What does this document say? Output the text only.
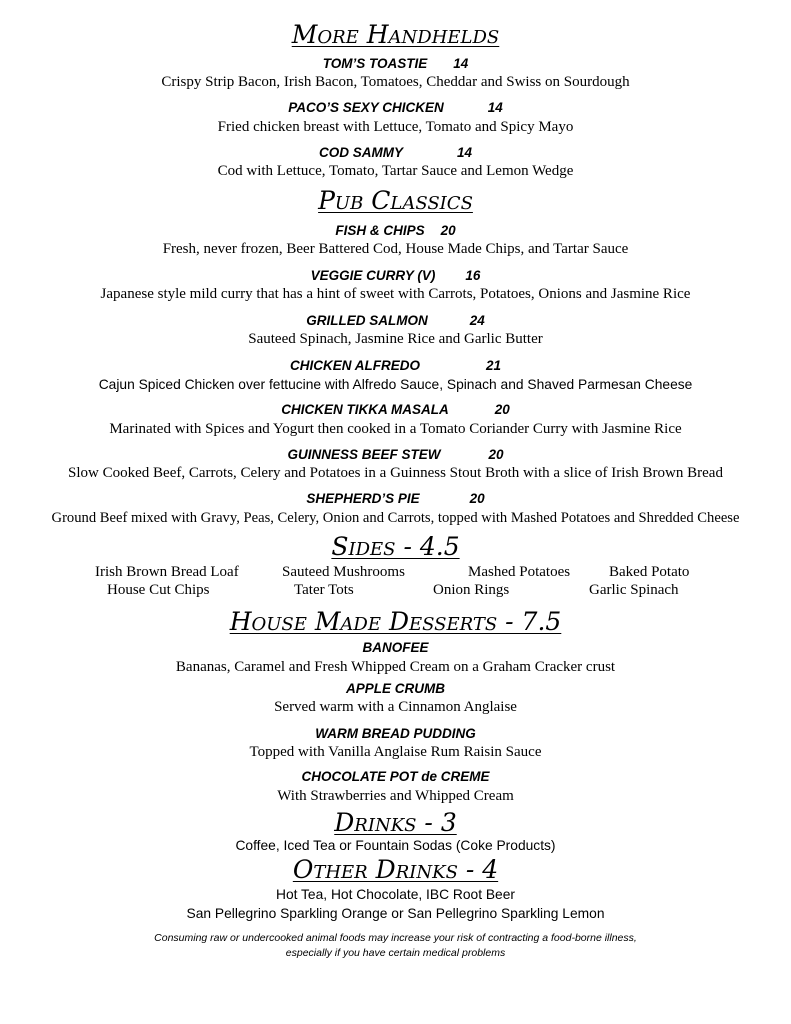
More Handhelds
TOM’S TOASTIE 14
Crispy Strip Bacon, Irish Bacon, Tomatoes, Cheddar and Swiss on Sourdough
PACO’S SEXY CHICKEN	14
Fried chicken breast with Lettuce, Tomato and Spicy Mayo
COD SAMMY	14
Cod with Lettuce, Tomato, Tartar Sauce and Lemon Wedge
Pub Classics
FISH & CHIPS 20
Fresh, never frozen, Beer Battered Cod, House Made Chips, and Tartar Sauce
VEGGIE CURRY (V) 16
Japanese style mild curry that has a hint of sweet with Carrots, Potatoes, Onions and Jasmine Rice
GRILLED SALMON	24
Sauteed Spinach, Jasmine Rice and Garlic Butter
CHICKEN ALFREDO	21
Cajun Spiced Chicken over fettucine with Alfredo Sauce, Spinach and Shaved Parmesan Cheese
CHICKEN TIKKA MASALA	20
Marinated with Spices and Yogurt then cooked in a Tomato Coriander Curry with Jasmine Rice
GUINNESS BEEF STEW	20
Slow Cooked Beef, Carrots, Celery and Potatoes in a Guinness Stout Broth with a slice of Irish Brown Bread
SHEPHERD’S PIE	20
Ground Beef mixed with Gravy, Peas, Celery, Onion and Carrots, topped with Mashed Potatoes and Shredded Cheese
Sides - 4.5
Irish Brown Bread Loaf	Sauteed Mushrooms	Mashed Potatoes	Baked Potato
House Cut Chips	Tater Tots	Onion Rings	Garlic Spinach
House Made Desserts - 7.5
BANOFEE
Bananas, Caramel and Fresh Whipped Cream on a Graham Cracker crust
APPLE CRUMB
Served warm with a Cinnamon Anglaise
WARM BREAD PUDDING
Topped with Vanilla Anglaise Rum Raisin Sauce
CHOCOLATE POT de CREME
With Strawberries and Whipped Cream
Drinks - 3
Coffee, Iced Tea or Fountain Sodas (Coke Products)
Other Drinks - 4
Hot Tea, Hot Chocolate, IBC Root Beer
San Pellegrino Sparkling Orange or San Pellegrino Sparkling Lemon
Consuming raw or undercooked animal foods may increase your risk of contracting a food-borne illness,
especially if you have certain medical problems
